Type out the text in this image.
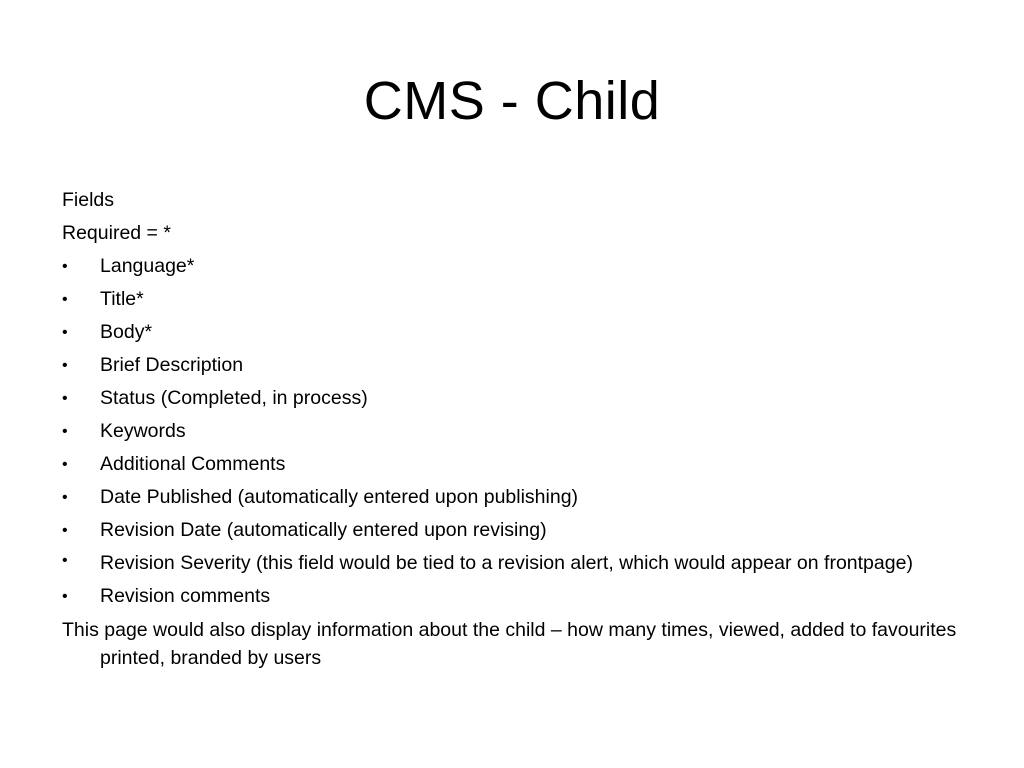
CMS - Child

Fields

Required = *

•	Language*
•	Title*
•	Body*
•	Brief Description
•	Status (Completed, in process)
•	Keywords
•	Additional Comments
•	Date Published (automatically entered upon publishing)
•	Revision Date (automatically entered upon revising)
•	Revision Severity (this field would be tied to a revision alert, which would appear on frontpage)
•	Revision comments

This page would also display information about the child – how many times, viewed, added to favourites printed, branded by users
